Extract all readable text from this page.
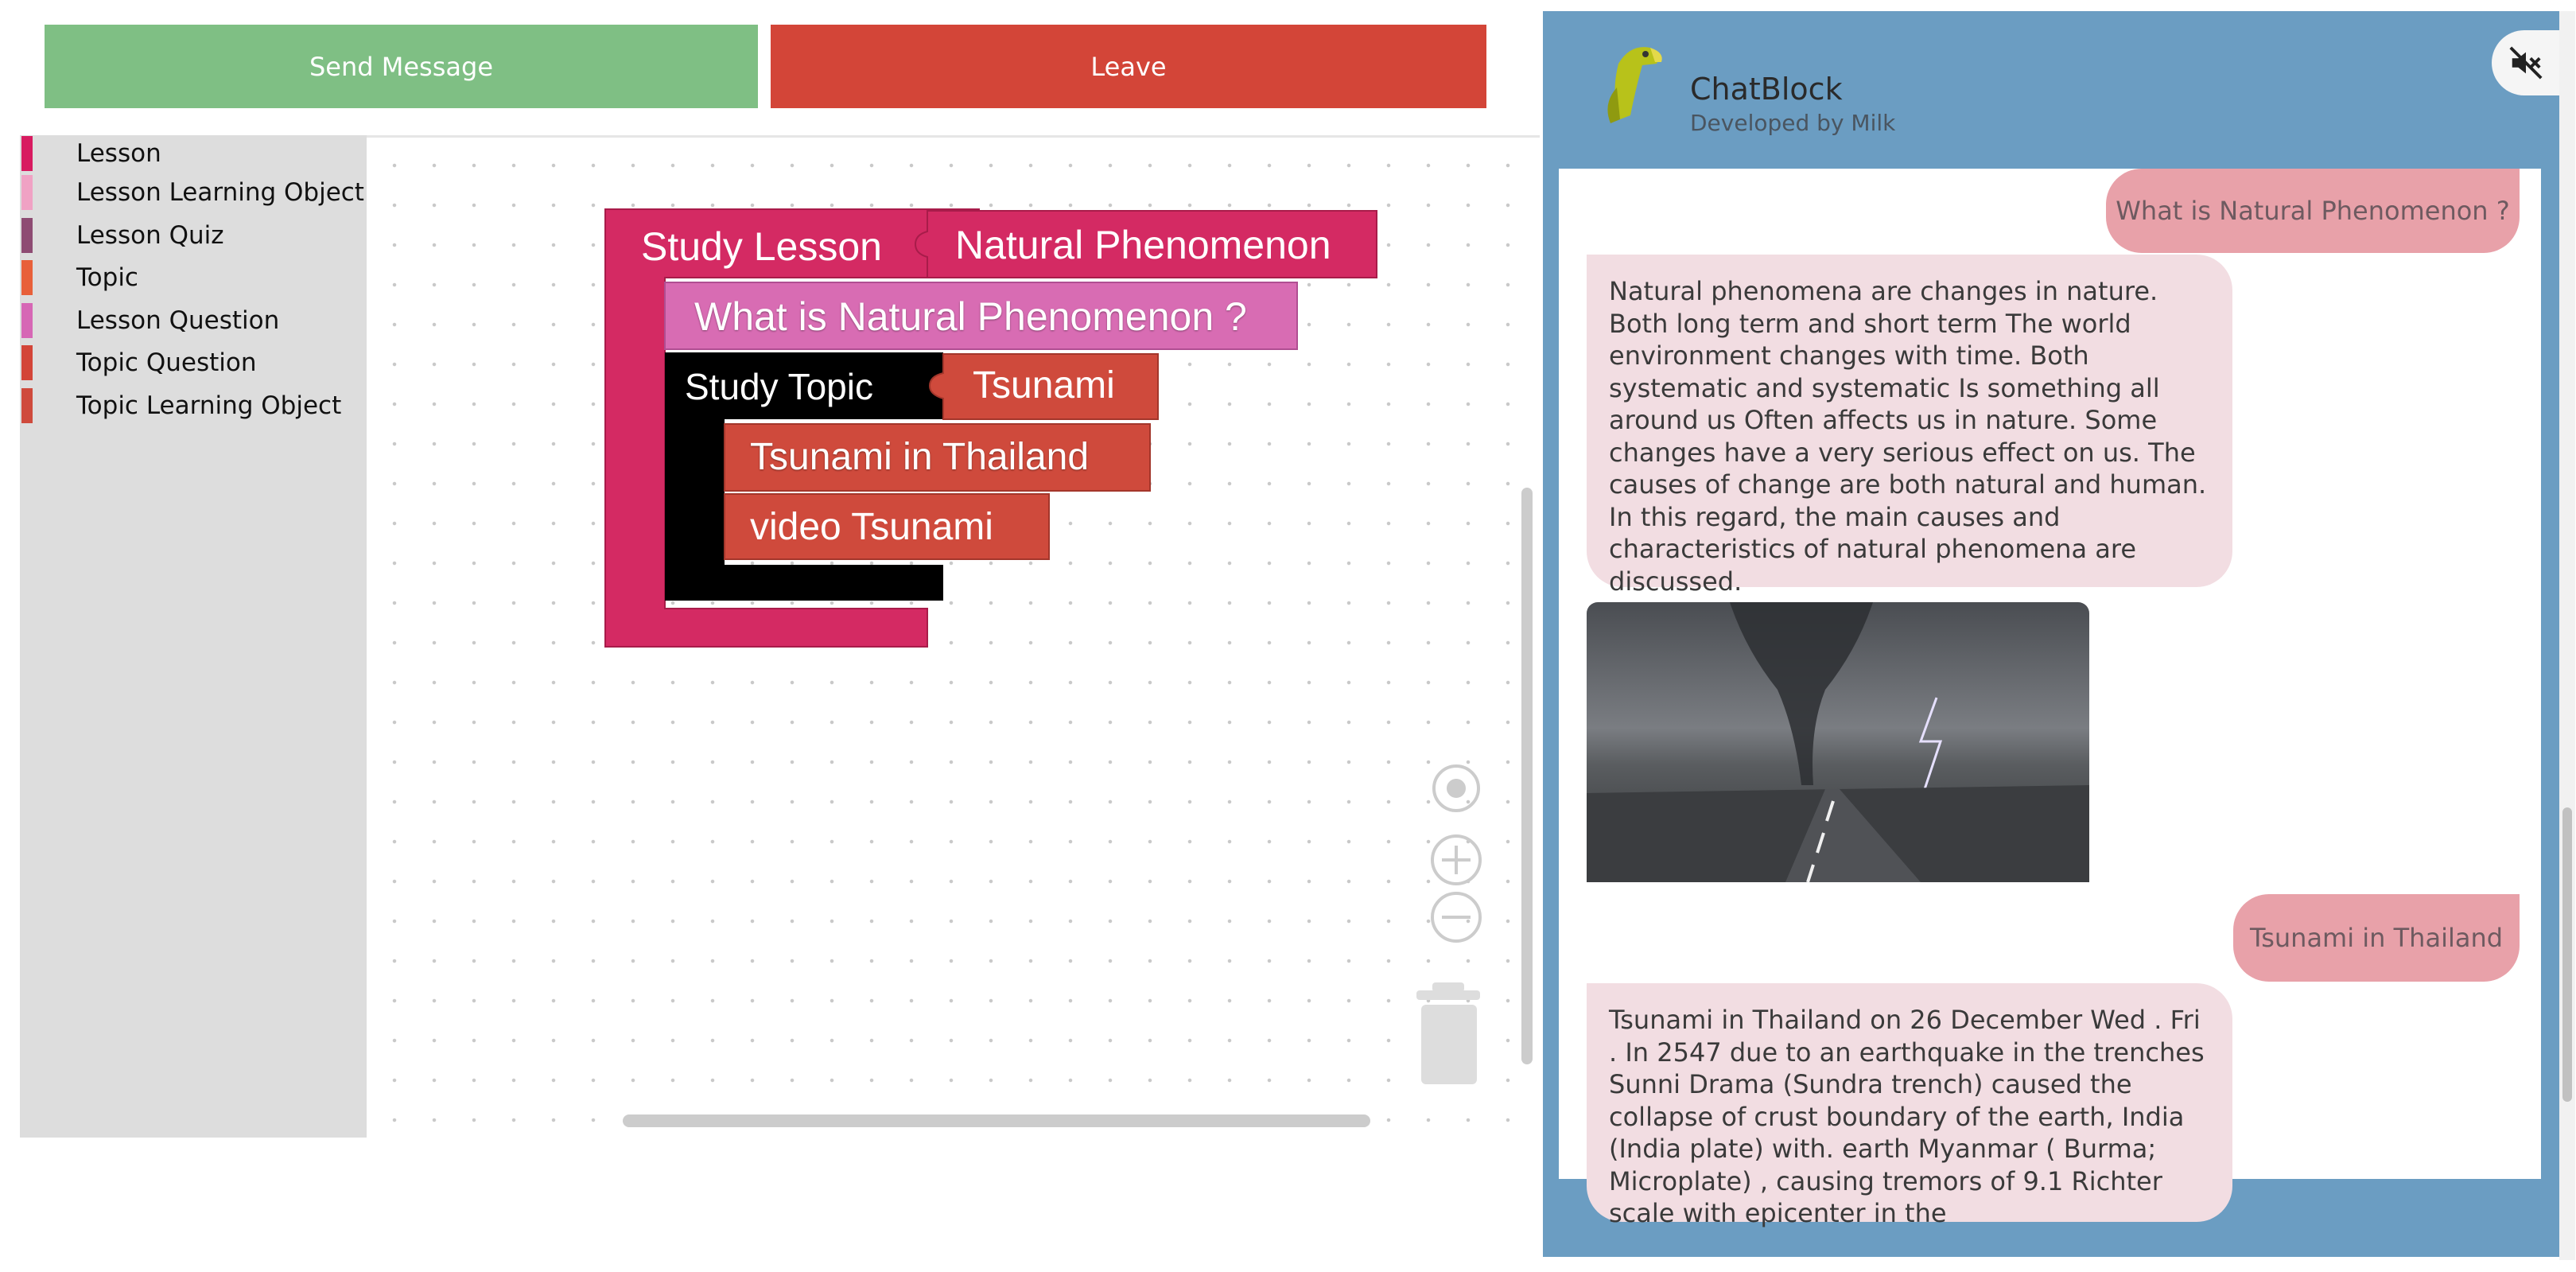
Send Message	Leave
Lesson
Lesson Learning Object
Lesson Quiz
Topic
Lesson Question
Topic Question
Topic Learning Object
Study Lesson Natural Phenomenon
What is Natural Phenomenon ?
Study Topic	Tsunami
Tsunami in Thailand
video Tsunami
ChatBlock
Developed by Milk
What is Natural Phenomenon ?
Natural phenomena are changes in nature. Both long term and short term The world environment changes with time. Both systematic and systematic Is something all around us Often affects us in nature. Some changes have a very serious effect on us. The causes of change are both natural and human. In this regard, the main causes and characteristics of natural phenomena are discussed.
Tsunami in Thailand
Tsunami in Thailand on 26 December Wed . Fri . In 2547 due to an earthquake in the trenches Sunni Drama (Sundra trench) caused the collapse of crust boundary of the earth, India (India plate) with. earth Myanmar ( Burma; Microplate) , causing tremors of 9.1 Richter scale with epicenter in the
